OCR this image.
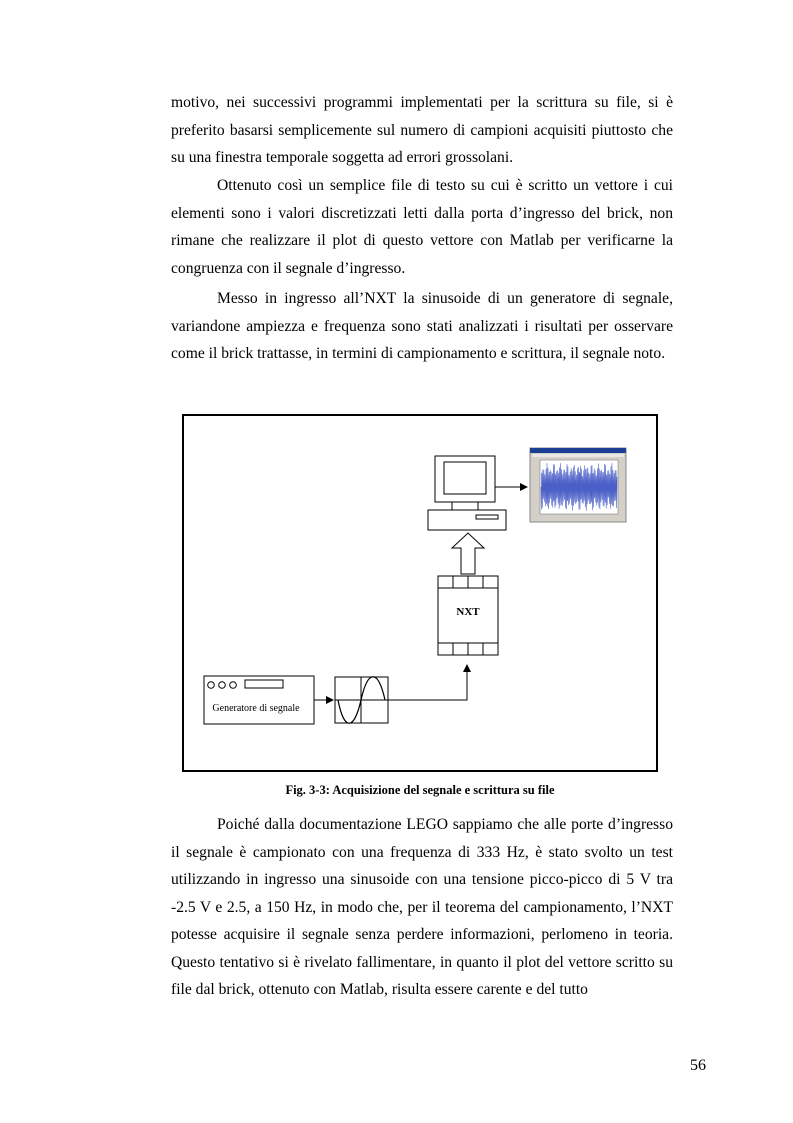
motivo, nei successivi programmi implementati per la scrittura su file, si è preferito basarsi semplicemente sul numero di campioni acquisiti piuttosto che su una finestra temporale soggetta ad errori grossolani.

Ottenuto così un semplice file di testo su cui è scritto un vettore i cui elementi sono i valori discretizzati letti dalla porta d’ingresso del brick, non rimane che realizzare il plot di questo vettore con Matlab per verificarne la congruenza con il segnale d’ingresso.

Messo in ingresso all’NXT la sinusoide di un generatore di segnale, variandone ampiezza e frequenza sono stati analizzati i risultati per osservare come il brick trattasse, in termini di campionamento e scrittura, il segnale noto.

Generatore di segnale
NXT

Fig. 3-3: Acquisizione del segnale e scrittura su file

Poiché dalla documentazione LEGO sappiamo che alle porte d’ingresso il segnale è campionato con una frequenza di 333 Hz, è stato svolto un test utilizzando in ingresso una sinusoide con una tensione picco-picco di 5 V tra -2.5 V e 2.5, a 150 Hz, in modo che, per il teorema del campionamento, l’NXT potesse acquisire il segnale senza perdere informazioni, perlomeno in teoria. Questo tentativo si è rivelato fallimentare, in quanto il plot del vettore scritto su file dal brick, ottenuto con Matlab, risulta essere carente e del tutto

56
